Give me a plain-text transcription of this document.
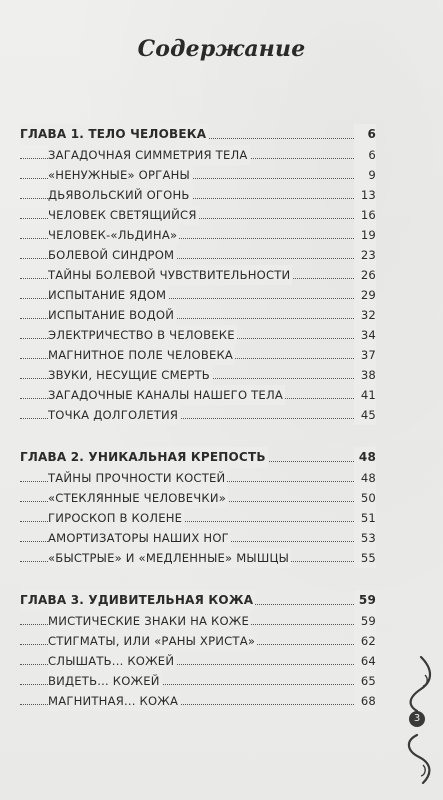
Содержание
ГЛАВА 1. ТЕЛО ЧЕЛОВЕКА	6
ЗАГАДОЧНАЯ СИММЕТРИЯ ТЕЛА	6
«НЕНУЖНЫЕ» ОРГАНЫ	9
ДЬЯВОЛЬСКИЙ ОГОНЬ	13
ЧЕЛОВЕК СВЕТЯЩИЙСЯ	16
ЧЕЛОВЕК-«ЛЬДИНА»	19
БОЛЕВОЙ СИНДРОМ	23
ТАЙНЫ БОЛЕВОЙ ЧУВСТВИТЕЛЬНОСТИ	26
ИСПЫТАНИЕ ЯДОМ	29
ИСПЫТАНИЕ ВОДОЙ	32
ЭЛЕКТРИЧЕСТВО В ЧЕЛОВЕКЕ	34
МАГНИТНОЕ ПОЛЕ ЧЕЛОВЕКА	37
ЗВУКИ, НЕСУЩИЕ СМЕРТЬ	38
ЗАГАДОЧНЫЕ КАНАЛЫ НАШЕГО ТЕЛА	41
ТОЧКА ДОЛГОЛЕТИЯ	45
ГЛАВА 2. УНИКАЛЬНАЯ КРЕПОСТЬ	48
ТАЙНЫ ПРОЧНОСТИ КОСТЕЙ	48
«СТЕКЛЯННЫЕ ЧЕЛОВЕЧКИ»	50
ГИРОСКОП В КОЛЕНЕ	51
АМОРТИЗАТОРЫ НАШИХ НОГ	53
«БЫСТРЫЕ» И «МЕДЛЕННЫЕ» МЫШЦЫ	55
ГЛАВА 3. УДИВИТЕЛЬНАЯ КОЖА	59
МИСТИЧЕСКИЕ ЗНАКИ НА КОЖЕ	59
СТИГМАТЫ, ИЛИ «РАНЫ ХРИСТА»	62
СЛЫШАТЬ... КОЖЕЙ	64
ВИДЕТЬ... КОЖЕЙ	65
МАГНИТНАЯ... КОЖА	68
3
